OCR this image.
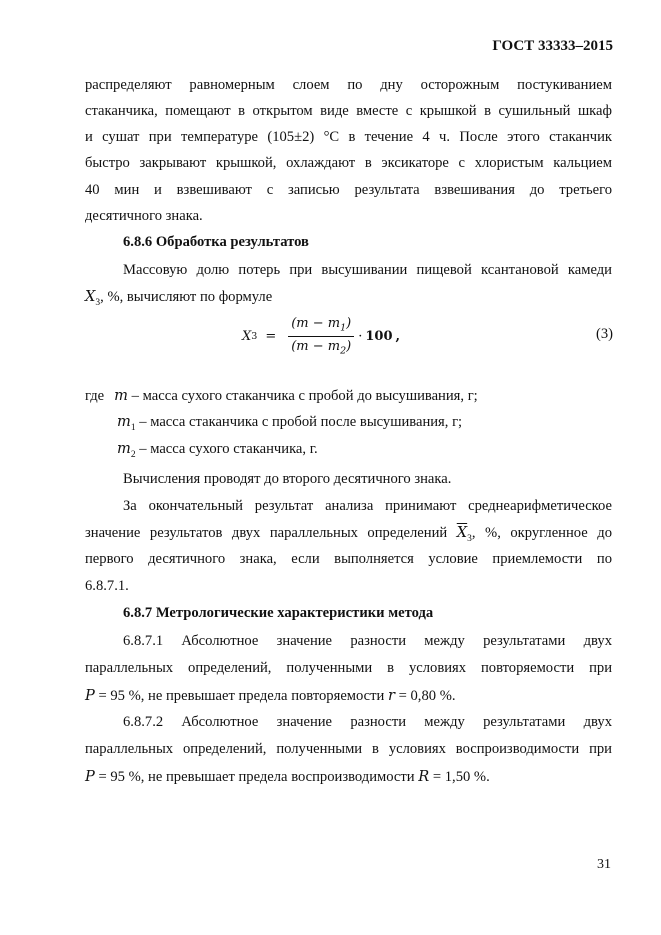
ГОСТ 33333–2015
распределяют равномерным слоем по дну осторожным постукиванием
стаканчика, помещают в открытом виде вместе с крышкой в сушильный шкаф
и сушат при температуре (105±2) °С в течение 4 ч. После этого стаканчик
быстро закрывают крышкой, охлаждают в эксикаторе с хлористым кальцием
40 мин и взвешивают с записью результата взвешивания до третьего
десятичного знака.
6.8.6 Обработка результатов
Массовую долю потерь при высушивании пищевой ксантановой камеди
$X_3$, %, вычисляют по формуле
X $3 = \frac{(m - m_1)}{(m - m_2)} \cdot 100$ ,	(3)
где m – масса сухого стаканчика с пробой до высушивания, г;
$m_1$ – масса стаканчика с пробой после высушивания, г;
$m_2$ – масса сухого стаканчика, г.
Вычисления проводят до второго десятичного знака.
За окончательный результат анализа принимают среднеарифметическое
значение результатов двух параллельных определений $\overline{X}_3$, %, округленное до
первого десятичного знака, если выполняется условие приемлемости по
6.8.7.1.
6.8.7 Метрологические характеристики метода
6.8.7.1 Абсолютное значение разности между результатами двух
параллельных определений, полученными в условиях повторяемости при
P = 95 %, не превышает предела повторяемости r = 0,80 %.
6.8.7.2 Абсолютное значение разности между результатами двух
параллельных определений, полученными в условиях воспроизводимости при
P = 95 %, не превышает предела воспроизводимости R = 1,50 %.
31
